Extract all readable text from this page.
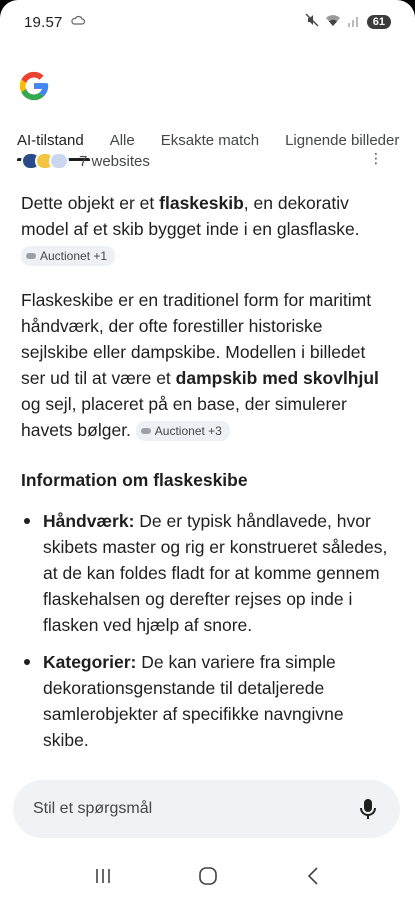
19.57	61
AI-tilstand	Alle	Eksakte match	Lignende billeder
7 websites	⋮

Dette objekt er et flaskeskib, en dekorativ model af et skib bygget inde i en glasflaske.
Auctionet +1

Flaskeskibe er en traditionel form for maritimt håndværk, der ofte forestiller historiske sejlskibe eller dampskibe. Modellen i billedet ser ud til at være et dampskib med skovlhjul og sejl, placeret på en base, der simulerer havets bølger. Auctionet +3

Information om flaskeskibe
Håndværk: De er typisk håndlavede, hvor skibets master og rig er konstrueret således, at de kan foldes fladt for at komme gennem flaskehalsen og derefter rejses op inde i flasken ved hjælp af snore.
Kategorier: De kan variere fra simple dekorationsgenstande til detaljerede samlerobjekter af specifikke navngivne skibe.
Stil et spørgsmål
